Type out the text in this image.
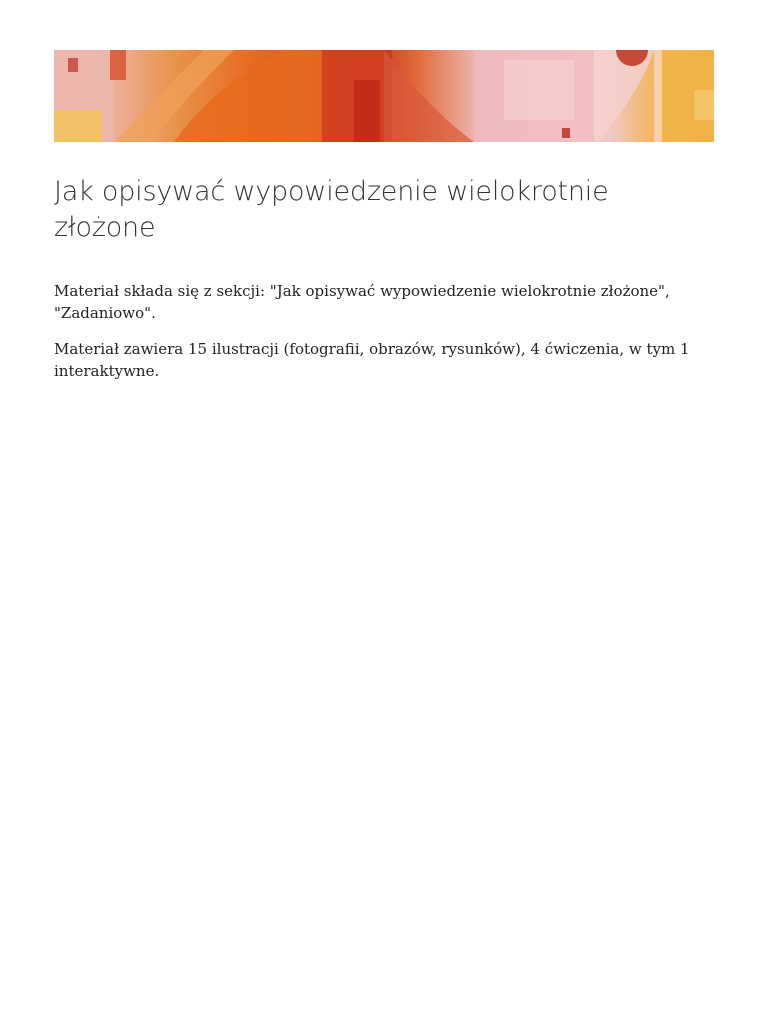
Jak opisywać wypowiedzenie wielokrotnie złożone

Materiał składa się z sekcji: "Jak opisywać wypowiedzenie wielokrotnie złożone", "Zadaniowo".

Materiał zawiera 15 ilustracji (fotografii, obrazów, rysunków), 4 ćwiczenia, w tym 1 interaktywne.
